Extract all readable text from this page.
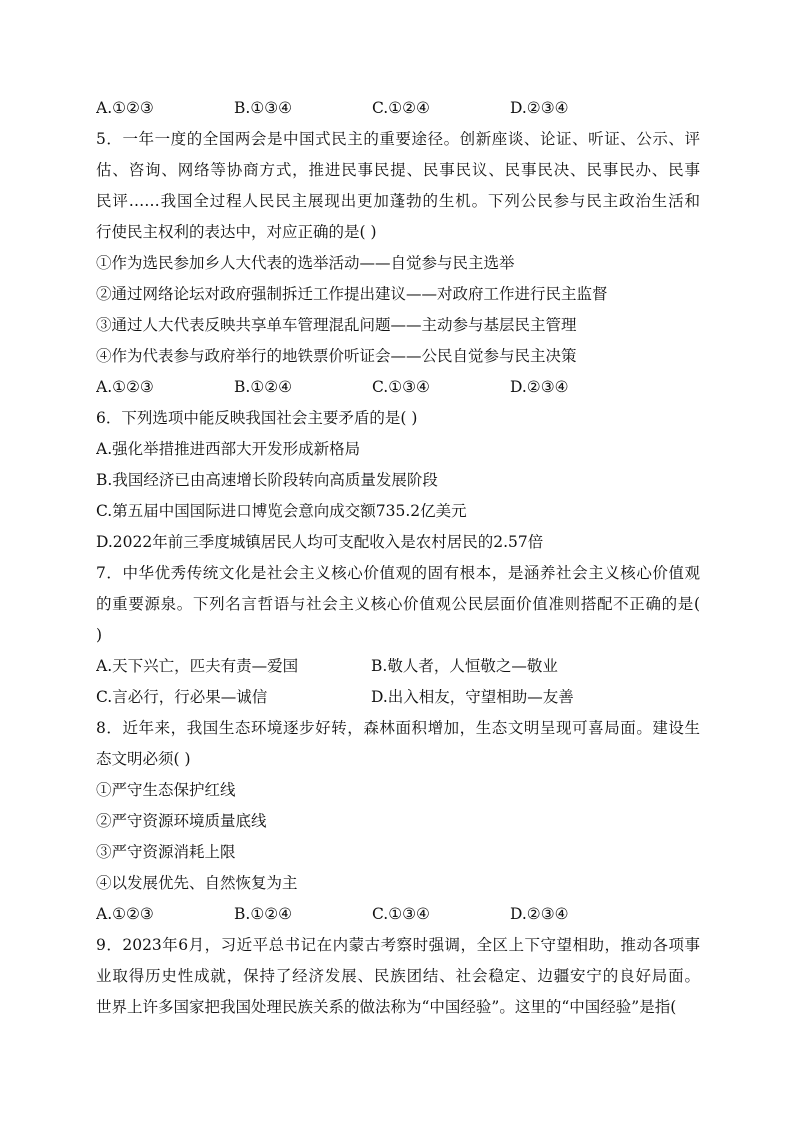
A.①②③	B.①③④	C.①②④	D.②③④
5．一年一度的全国两会是中国式民主的重要途径。创新座谈、论证、听证、公示、评
估、咨询、网络等协商方式，推进民事民提、民事民议、民事民决、民事民办、民事
民评……我国全过程人民民主展现出更加蓬勃的生机。下列公民参与民主政治生活和
行使民主权利的表达中，对应正确的是( )
①作为选民参加乡人大代表的选举活动——自觉参与民主选举
②通过网络论坛对政府强制拆迁工作提出建议——对政府工作进行民主监督
③通过人大代表反映共享单车管理混乱问题——主动参与基层民主管理
④作为代表参与政府举行的地铁票价听证会——公民自觉参与民主决策
A.①②③	B.①②④	C.①③④	D.②③④
6．下列选项中能反映我国社会主要矛盾的是( )
A.强化举措推进西部大开发形成新格局
B.我国经济已由高速增长阶段转向高质量发展阶段
C.第五届中国国际进口博览会意向成交额735.2亿美元
D.2022年前三季度城镇居民人均可支配收入是农村居民的2.57倍
7．中华优秀传统文化是社会主义核心价值观的固有根本，是涵养社会主义核心价值观
的重要源泉。下列名言哲语与社会主义核心价值观公民层面价值准则搭配不正确的是(
)
A.天下兴亡，匹夫有责—爱国	B.敬人者，人恒敬之—敬业
C.言必行，行必果—诚信	D.出入相友，守望相助—友善
8．近年来，我国生态环境逐步好转，森林面积增加，生态文明呈现可喜局面。建设生
态文明必须( )
①严守生态保护红线
②严守资源环境质量底线
③严守资源消耗上限
④以发展优先、自然恢复为主
A.①②③	B.①②④	C.①③④	D.②③④
9．2023年6月，习近平总书记在内蒙古考察时强调，全区上下守望相助，推动各项事
业取得历史性成就，保持了经济发展、民族团结、社会稳定、边疆安宁的良好局面。
世界上许多国家把我国处理民族关系的做法称为“中国经验”。这里的“中国经验”是指(
